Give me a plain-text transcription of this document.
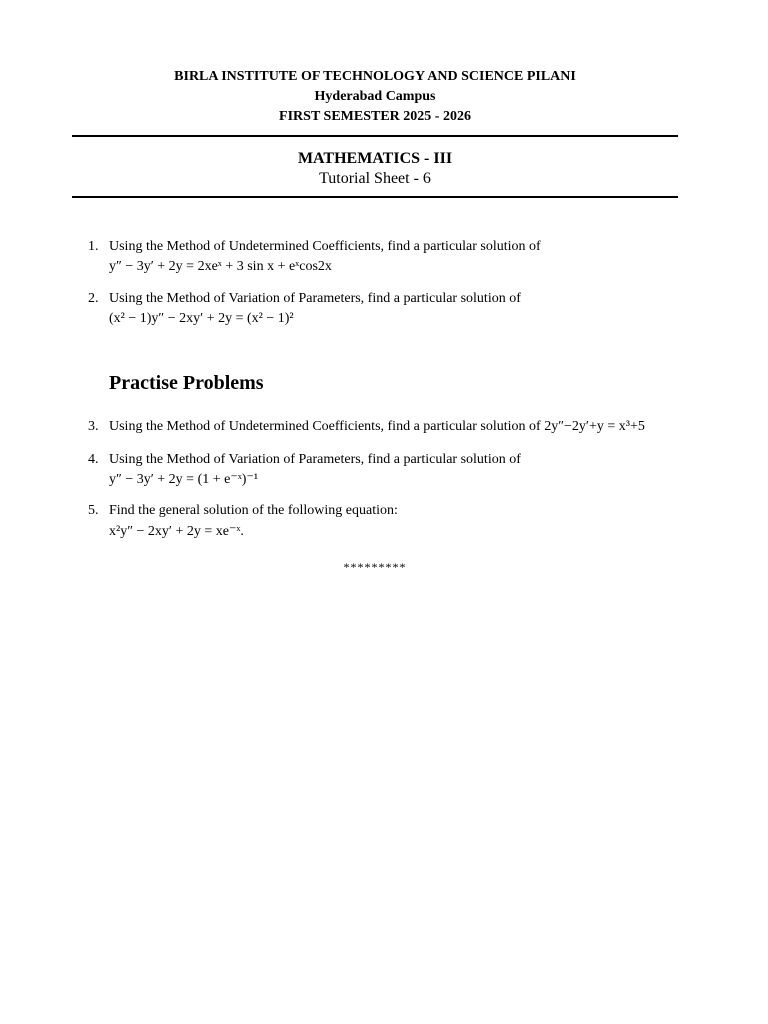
BIRLA INSTITUTE OF TECHNOLOGY AND SCIENCE PILANI
Hyderabad Campus
FIRST SEMESTER 2025 - 2026
MATHEMATICS - III
Tutorial Sheet - 6
1. Using the Method of Undetermined Coefficients, find a particular solution of
y″ − 3y′ + 2y = 2xeˣ + 3 sin x + eˣcos2x
2. Using the Method of Variation of Parameters, find a particular solution of
(x² − 1)y″ − 2xy′ + 2y = (x² − 1)²
Practise Problems
3. Using the Method of Undetermined Coefficients, find a particular solution of 2y″−2y′+y = x³+5
4. Using the Method of Variation of Parameters, find a particular solution of
y″ − 3y′ + 2y = (1 + e⁻ˣ)⁻¹
5. Find the general solution of the following equation:
x²y″ − 2xy′ + 2y = xe⁻ˣ.
*********
